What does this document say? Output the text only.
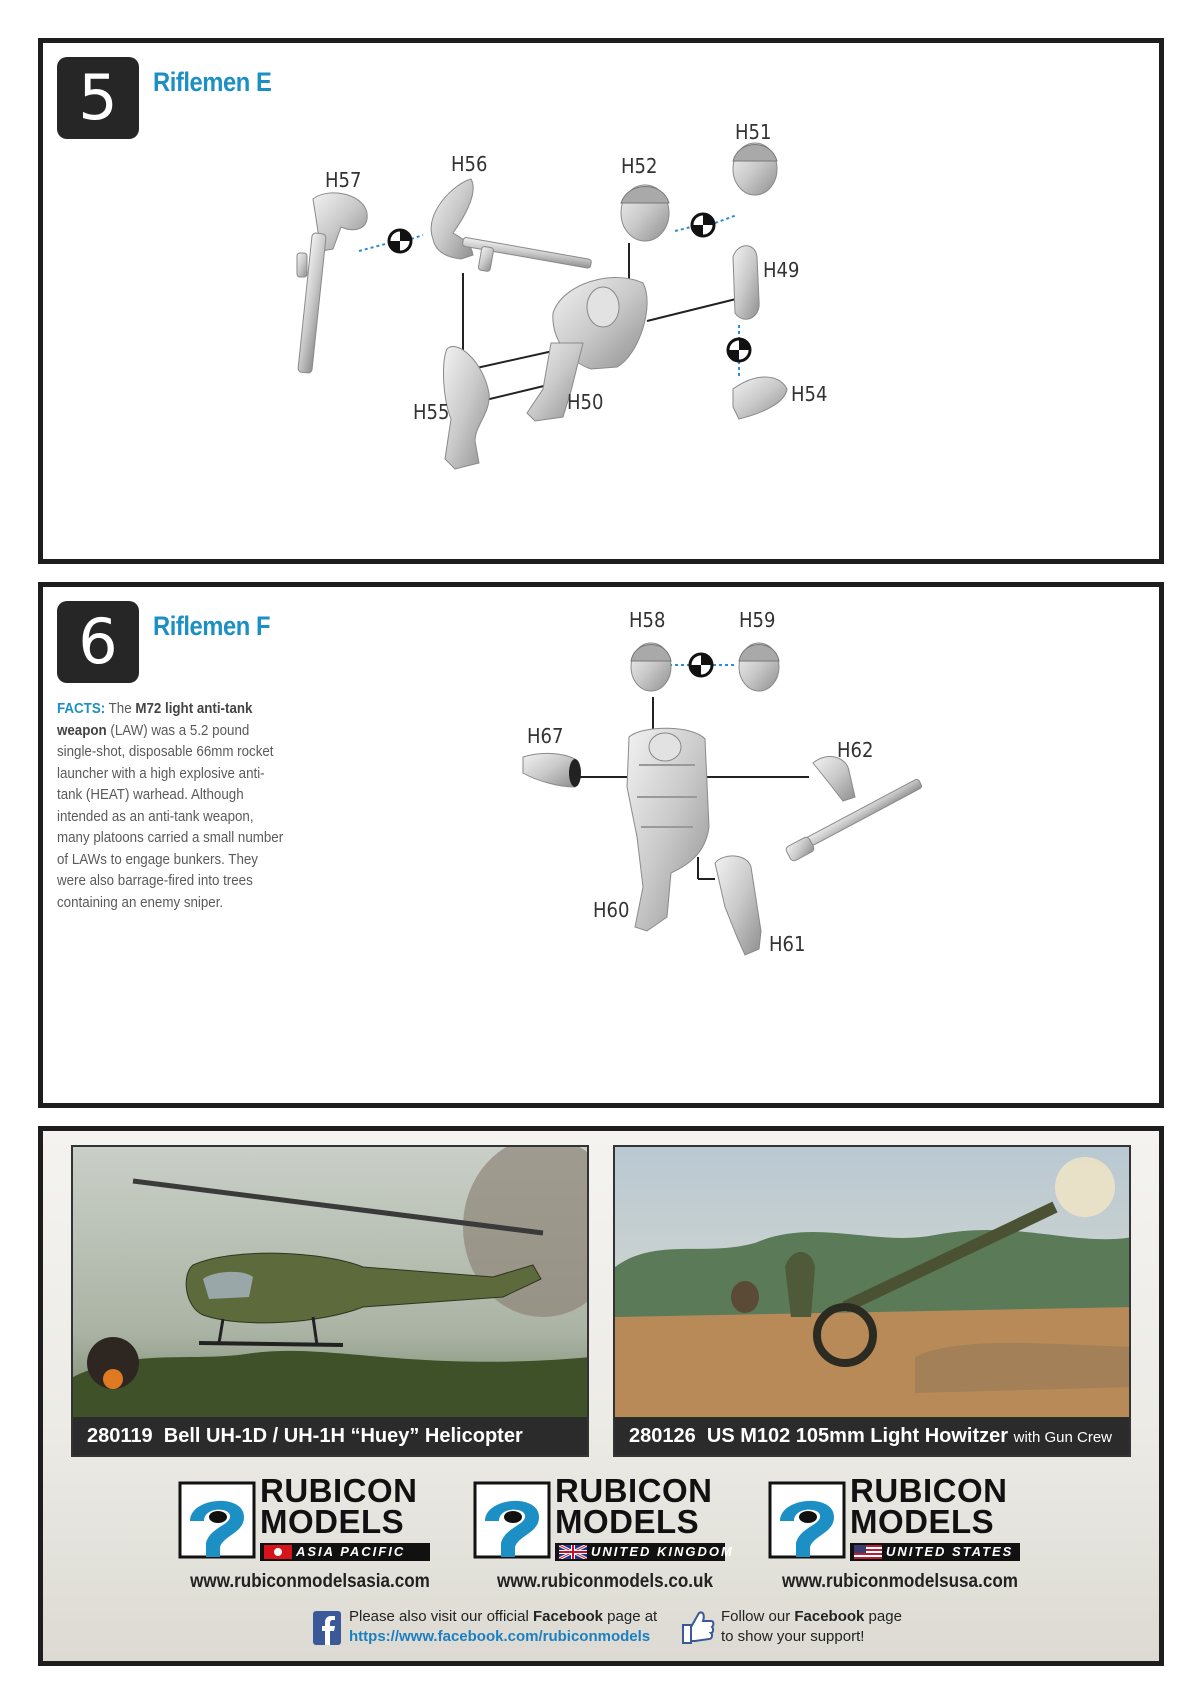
5	Riflemen E
H57
H56	H52
H51
H49
H54
H50
H55
6	Riflemen F
FACTS: The M72 light anti-tank weapon (LAW) was a 5.2 pound single-shot, disposable 66mm rocket launcher with a high explosive anti-tank (HEAT) warhead. Although intended as an anti-tank weapon, many platoons carried a small number of LAWs to engage bunkers. They were also barrage-fired into trees containing an enemy sniper.
H58	H59
H67
H62
H60
H61
280119 Bell UH-1D / UH-1H “Huey” Helicopter	280126 US M102 105mm Light Howitzer with Gun Crew
RUBICON
MODELS
ASIA PACIFIC
www.rubiconmodelsasia.com
RUBICON
MODELS
UNITED KINGDOM
www.rubiconmodels.co.uk
RUBICON
MODELS
UNITED STATES
www.rubiconmodelsusa.com
Please also visit our official Facebook page at
https://www.facebook.com/rubiconmodels
Follow our Facebook page
to show your support!
